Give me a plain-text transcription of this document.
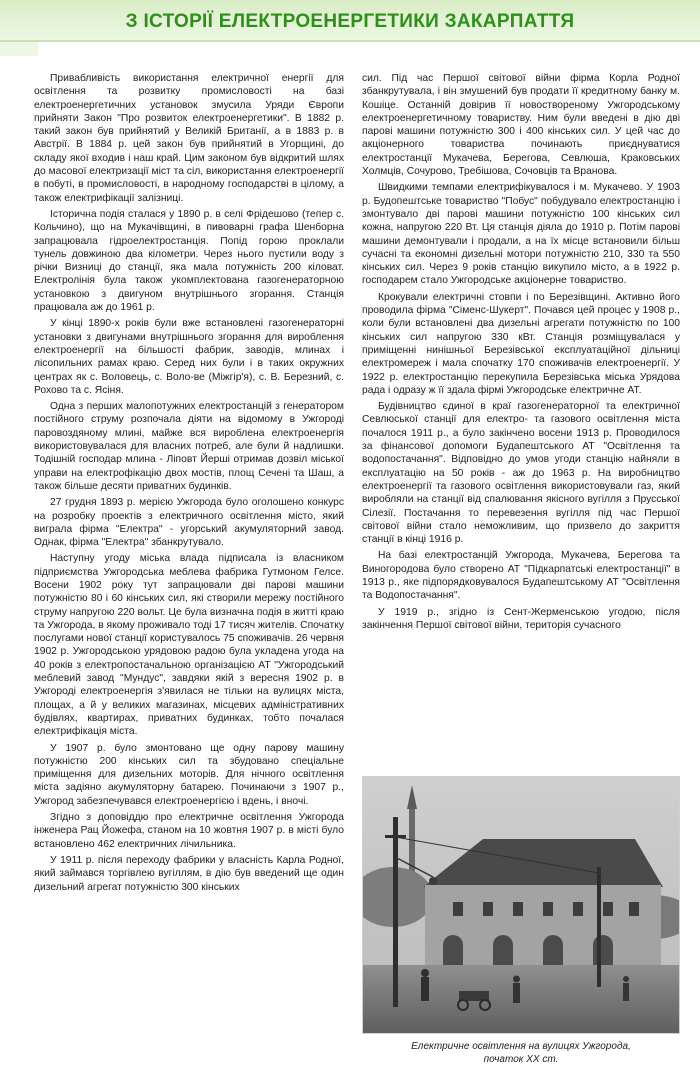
З ІСТОРІЇ ЕЛЕКТРОЕНЕРГЕТИКИ ЗАКАРПАТТЯ

Привабливість використання електричної енергії для освітлення та розвитку промисловості на базі електроенергетичних установок змусила Уряди Європи прийняти Закон "Про розвиток електроенергетики". В 1882 р. такий закон був прийнятий у Великій Британії, а в 1883 р. в Австрії. В 1884 р. цей закон був прийнятий в Угорщині, до складу якої входив і наш край. Цим законом був відкритий шлях до масової електризації міст та сіл, використання електроенергії в побуті, в промисловості, в народному господарстві в цілому, а також електрифікації залізниці.

Історична подія сталася у 1890 р. в селі Фрідешово (тепер с. Кольчино), що на Мукачівщині, в пивоварні графа Шенборна запрацювала гідроелектростанція. Попід горою проклали тунель довжиною два кілометри. Через нього пустили воду з річки Визниці до станції, яка мала потужність 200 кіловат. Електролінія була також укомплектована газогенераторною установкою з двигуном внутрішнього згорання. Станція працювала аж до 1961 р.

У кінці 1890-х років були вже встановлені газогенераторні установки з двигунами внутрішнього згорання для вироблення електроенергії на більшості фабрик, заводів, млинах і лісопильних рамах краю. Серед них були і в таких окружних центрах як с. Воловець, с. Воло-ве (Міжгір'я), с. В. Березний, с. Рохово та с. Ясіня.

Одна з перших малопотужних електростанцій з генератором постійного струму розпочала діяти на відомому в Ужгороді паровоздяному млині, майже вся вироблена електроенергія використовувалася для власних потреб, але були й надлишки. Тодішній господар млина - Ліповт Йерші отримав дозвіл міської управи на електрофікацію двох мостів, площ Сечені та Шаш, а також більше десяти приватних будинків.

27 грудня 1893 р. мерією Ужгорода було оголошено конкурс на розробку проектів з електричного освітлення місто, який виграла фірма "Електра" - угорський акумуляторний завод. Однак, фірма "Електра" збанкрутувало.

Наступну угоду міська влада підписала із власником підприємства Ужгородська меблева фабрика Гутмоном Гелсе. Восени 1902 року тут запрацювали дві парові машини потужністю 80 і 60 кінських сил, які створили мережу постійного струму напругою 220 вольт. Це була визначна подія в житті краю та Ужгорода, в якому проживало тоді 17 тисяч жителів. Спочатку послугами нової станції користувалось 75 споживачів. 26 червня 1902 р. Ужгородською урядовою радою була укладена угода на 40 років з електропостачальною організацією АТ "Ужгородський меблевий завод "Мундус", завдяки якій з вересня 1902 р. в Ужгороді електроенергія з'явилася не тільки на вулицях міста, площах, а й у великих магазинах, місцевих адміністративних будівлях, квартирах, приватних будинках, тобто почалася електрифікація міста.

У 1907 р. було змонтовано ще одну парову машину потужністю 200 кінських сил та збудовано спеціальне приміщення для дизельних моторів. Для нічного освітлення міста задіяно акумуляторну батарею. Починаючи з 1907 р., Ужгород забезпечувався електроенергією і вдень, і вночі.

Згідно з доповіддю про електричне освітлення Ужгорода інженера Рац Йожефа, станом на 10 жовтня 1907 р. в місті було встановлено 462 електричних лічильника.

У 1911 р. після переходу фабрики у власність Карла Родної, який займався торгівлею вугіллям, в дію був введений ще один дизельний агрегат потужністю 300 кінських

сил. Під час Першої світової війни фірма Корла Родної збанкрутувала, і він змушений був продати її кредитному банку м. Кошіце. Останній довірив її новоствореному Ужгородському електроенергетичному товариству. Ним були введені в дію дві парові машини потужністю 300 і 400 кінських сил. У цей час до акціонерного товариства починають приєднуватися електростанції Мукачева, Берегова, Севлюша, Краковських Холмців, Сочурово, Требішова, Сочовців та Вранова.

Швидкими темпами електрифікувалося і м. Мукачево. У 1903 р. Будопештське товариство "Побус" побудувало електростанцію і змонтувало дві парові машини потужністю 100 кінських сил кожна, напругою 220 Вт. Ця станція діяла до 1910 р. Потім парові машини демонтували і продали, а на їх місце встановили більш сучасні та економні дизельні мотори потужністю 210, 330 та 550 кінських сил. Через 9 років станцію викупило місто, а в 1922 р. господарем стало Ужгородське акціонерне товариство.

Крокували електричні стовпи і по Березівщині. Активно його проводила фірма "Сіменс-Шукерт". Почався цей процес у 1908 р., коли були встановлені два дизельні агрегати потужністю по 100 кінських сил напругою 330 кВт. Станція розміщувалася у приміщенні нинішньої Березівської експлуатаційної дільниці електромереж і мала спочатку 170 споживачів електроенергії. У 1922 р. електростанцію перекупила Березівська міська Урядова рада і одразу ж її здала фірмі Ужгородське електричне АТ.

Будівництво єдиної в краї газогенераторної та електричної Севлюської станції для електро- та газового освітлення міста почалося 1911 р., а було закінчено восени 1913 р. Проводилося за фінансової допомоги Будапештського АТ "Освітлення та водопостачання". Відповідно до умов угоди станцію найняли в експлуатацію на 50 років - аж до 1963 р. На виробництво електроенергії та газового освітлення використовували газ, який виробляли на станції від спалювання якісного вугілля з Прусської Сілезії. Постачання то перевезення вугілля під час Першої світової війни стало неможливим, що призвело до закриття станції в кінці 1916 р.

На базі електростанцій Ужгорода, Мукачева, Берегова та Виногородова було створено АТ "Підкарпатські електростанції" в 1913 р., яке підпорядковувалося Будапештському АТ "Освітлення та Водопостачання".

У 1919 р., згідно із Сент-Жерменською угодою, після закінчення Першої світової війни, територія сучасного

Електричне освітлення на вулицях Ужгорода,
початок XX ст.
